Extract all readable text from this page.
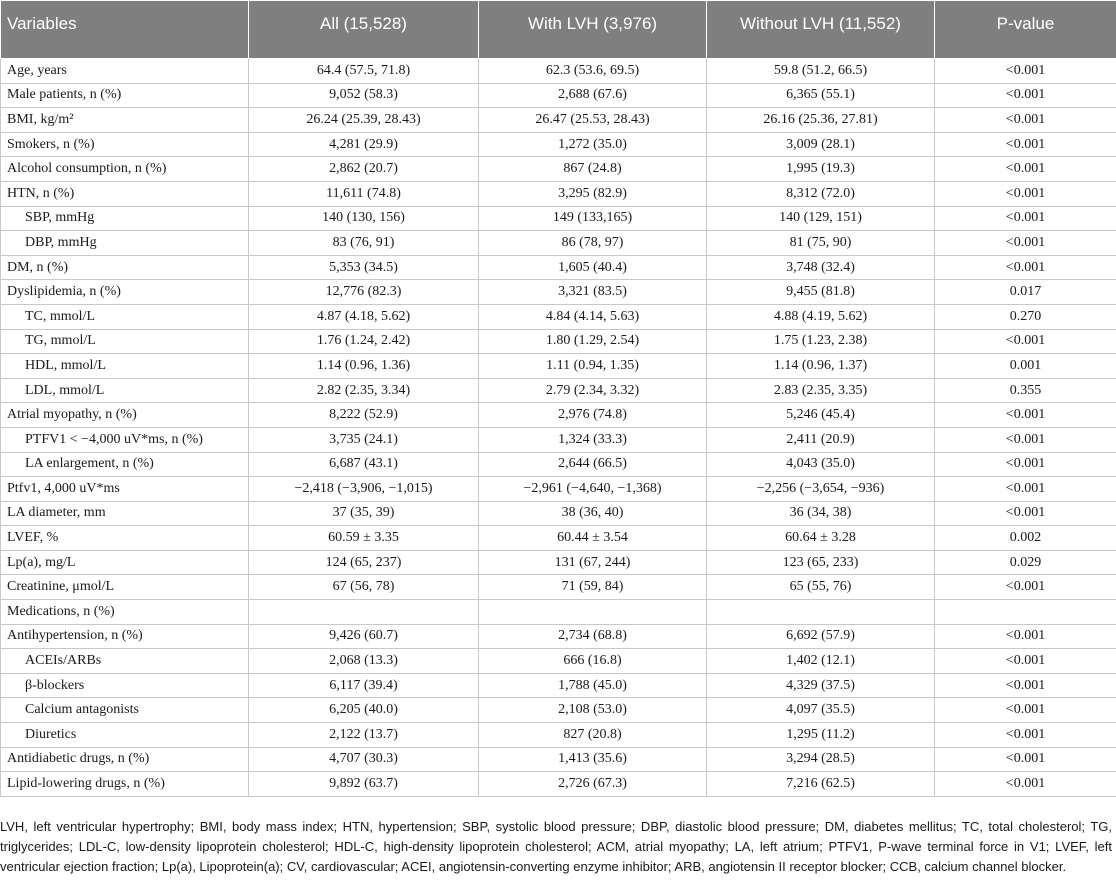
Variables	All (15,528)	With LVH (3,976)	Without LVH (11,552)	P-value
Age, years	64.4 (57.5, 71.8)	62.3 (53.6, 69.5)	59.8 (51.2, 66.5)	<0.001
Male patients, n (%)	9,052 (58.3)	2,688 (67.6)	6,365 (55.1)	<0.001
BMI, kg/m²	26.24 (25.39, 28.43)	26.47 (25.53, 28.43)	26.16 (25.36, 27.81)	<0.001
Smokers, n (%)	4,281 (29.9)	1,272 (35.0)	3,009 (28.1)	<0.001
Alcohol consumption, n (%)	2,862 (20.7)	867 (24.8)	1,995 (19.3)	<0.001
HTN, n (%)	11,611 (74.8)	3,295 (82.9)	8,312 (72.0)	<0.001
SBP, mmHg	140 (130, 156)	149 (133,165)	140 (129, 151)	<0.001
DBP, mmHg	83 (76, 91)	86 (78, 97)	81 (75, 90)	<0.001
DM, n (%)	5,353 (34.5)	1,605 (40.4)	3,748 (32.4)	<0.001
Dyslipidemia, n (%)	12,776 (82.3)	3,321 (83.5)	9,455 (81.8)	0.017
TC, mmol/L	4.87 (4.18, 5.62)	4.84 (4.14, 5.63)	4.88 (4.19, 5.62)	0.270
TG, mmol/L	1.76 (1.24, 2.42)	1.80 (1.29, 2.54)	1.75 (1.23, 2.38)	<0.001
HDL, mmol/L	1.14 (0.96, 1.36)	1.11 (0.94, 1.35)	1.14 (0.96, 1.37)	0.001
LDL, mmol/L	2.82 (2.35, 3.34)	2.79 (2.34, 3.32)	2.83 (2.35, 3.35)	0.355
Atrial myopathy, n (%)	8,222 (52.9)	2,976 (74.8)	5,246 (45.4)	<0.001
PTFV1 < −4,000 uV*ms, n (%)	3,735 (24.1)	1,324 (33.3)	2,411 (20.9)	<0.001
LA enlargement, n (%)	6,687 (43.1)	2,644 (66.5)	4,043 (35.0)	<0.001
Ptfv1, 4,000 uV*ms	−2,418 (−3,906, −1,015)	−2,961 (−4,640, −1,368)	−2,256 (−3,654, −936)	<0.001
LA diameter, mm	37 (35, 39)	38 (36, 40)	36 (34, 38)	<0.001
LVEF, %	60.59 ± 3.35	60.44 ± 3.54	60.64 ± 3.28	0.002
Lp(a), mg/L	124 (65, 237)	131 (67, 244)	123 (65, 233)	0.029
Creatinine, μmol/L	67 (56, 78)	71 (59, 84)	65 (55, 76)	<0.001
Medications, n (%)				
Antihypertension, n (%)	9,426 (60.7)	2,734 (68.8)	6,692 (57.9)	<0.001
ACEIs/ARBs	2,068 (13.3)	666 (16.8)	1,402 (12.1)	<0.001
β-blockers	6,117 (39.4)	1,788 (45.0)	4,329 (37.5)	<0.001
Calcium antagonists	6,205 (40.0)	2,108 (53.0)	4,097 (35.5)	<0.001
Diuretics	2,122 (13.7)	827 (20.8)	1,295 (11.2)	<0.001
Antidiabetic drugs, n (%)	4,707 (30.3)	1,413 (35.6)	3,294 (28.5)	<0.001
Lipid-lowering drugs, n (%)	9,892 (63.7)	2,726 (67.3)	7,216 (62.5)	<0.001
LVH, left ventricular hypertrophy; BMI, body mass index; HTN, hypertension; SBP, systolic blood pressure; DBP, diastolic blood pressure; DM, diabetes mellitus; TC, total cholesterol; TG, triglycerides; LDL-C, low-density lipoprotein cholesterol; HDL-C, high-density lipoprotein cholesterol; ACM, atrial myopathy; LA, left atrium; PTFV1, P-wave terminal force in V1; LVEF, left ventricular ejection fraction; Lp(a), Lipoprotein(a); CV, cardiovascular; ACEI, angiotensin-converting enzyme inhibitor; ARB, angiotensin II receptor blocker; CCB, calcium channel blocker.
